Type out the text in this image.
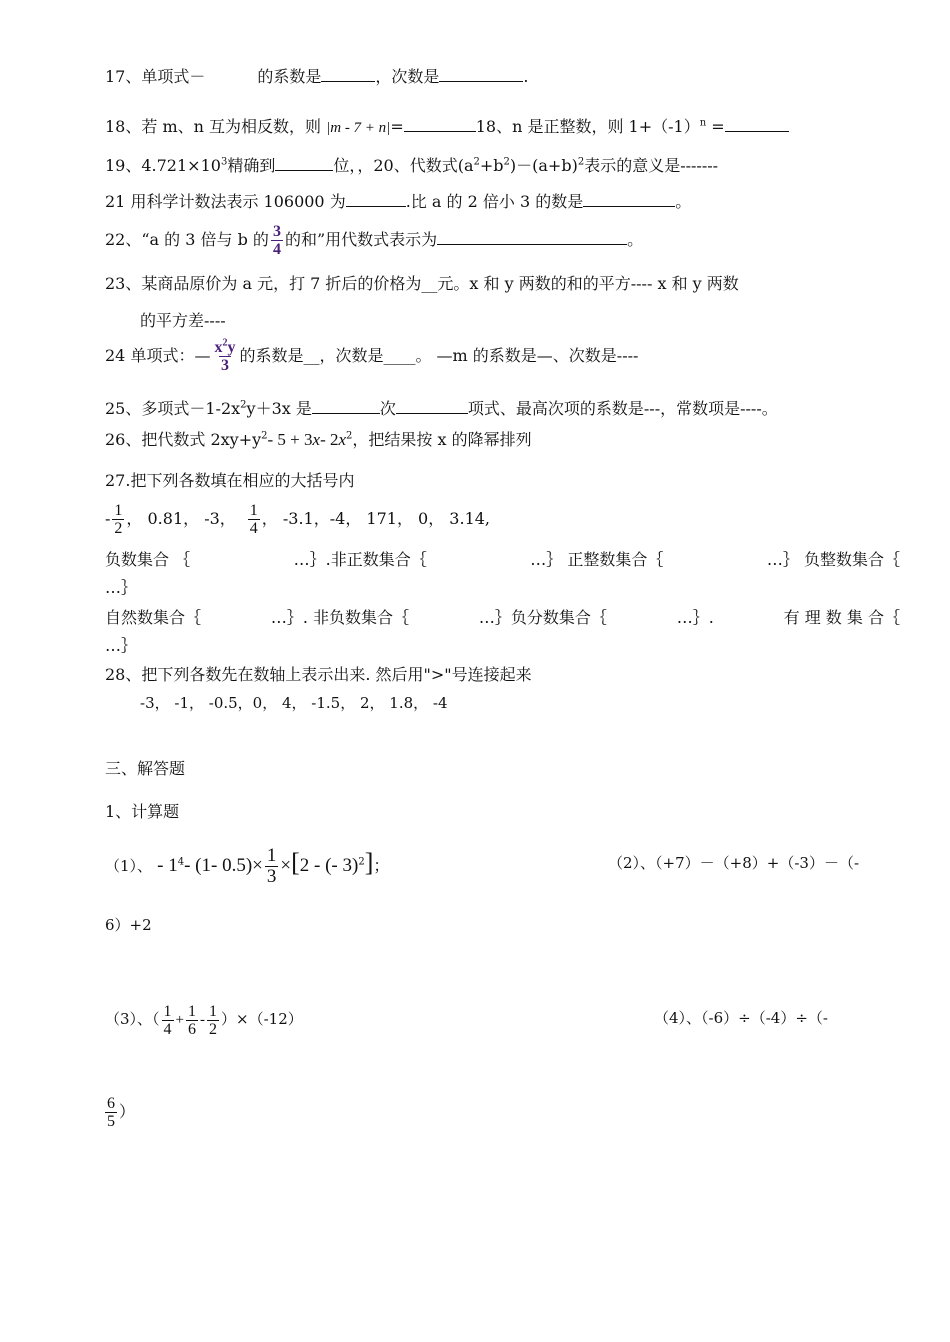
17、单项式－	的系数是	，次数是	.
18、若 m、n 互为相反数，则 |m - 7 + n|=	18、n 是正整数，则 $1+(-1)^n$ =
19、$4.721\times 10^3$精确到	位，，20、代数式$(a^2+b^2)-(a+b)^2$表示的意义是-------
21 用科学计数法表示 106000 为	.比 a 的 2 倍小 3 的数是	。
22、“a 的 3 倍与 b 的 $\frac{3}{4}$ 的和”用代数式表示为	。
23、某商品原价为 a 元，打 7 折后的价格为__元。x 和 y 两数的和的平方---- x 和 y 两数
的平方差----
24 单项式：— $\frac{x^2y}{3}$ 的系数是__，次数是____。 —m 的系数是—、次数是----
25、多项式$-1-2x^2y+3x$ 是	次	项式、最高次项的系数是---，常数项是----。
26、把代数式 $2xy+y^2-$ 5 + 3x- $2x^2$，把结果按 x 的降幂排列
27.把下列各数填在相应的大括号内
- $\frac{1}{2}$ ， 0.81， -3， $\frac{1}{4}$ ， -3.1，-4， 171， 0， 3.14,
负数集合 ｛	…｝.非正数集合｛	…｝ 正整数集合｛	…｝ 负整数集合｛
…｝
自然数集合｛	…｝. 非负数集合｛	…｝负分数集合｛	…｝.	有 理 数 集 合｛
…｝
28、把下列各数先在数轴上表示出来. 然后用">"号连接起来
-3， -1， -0.5，0， 4， -1.5， 2， 1.8， -4
三、解答题
1、计算题
（1）、 - $1^4-$ (1- $0.5)\times \frac{1}{3} \times[2$ - (- 3)$^2$]；	（2）、（+7）－（+8）+（-3）－（-
6）+2
（3）、（ $\frac{1}{4} + \frac{1}{6} - \frac{1}{2} )\times(-12)$	（4）、（-6）÷（-4）÷（-
$\frac{6}{5}$ ）
